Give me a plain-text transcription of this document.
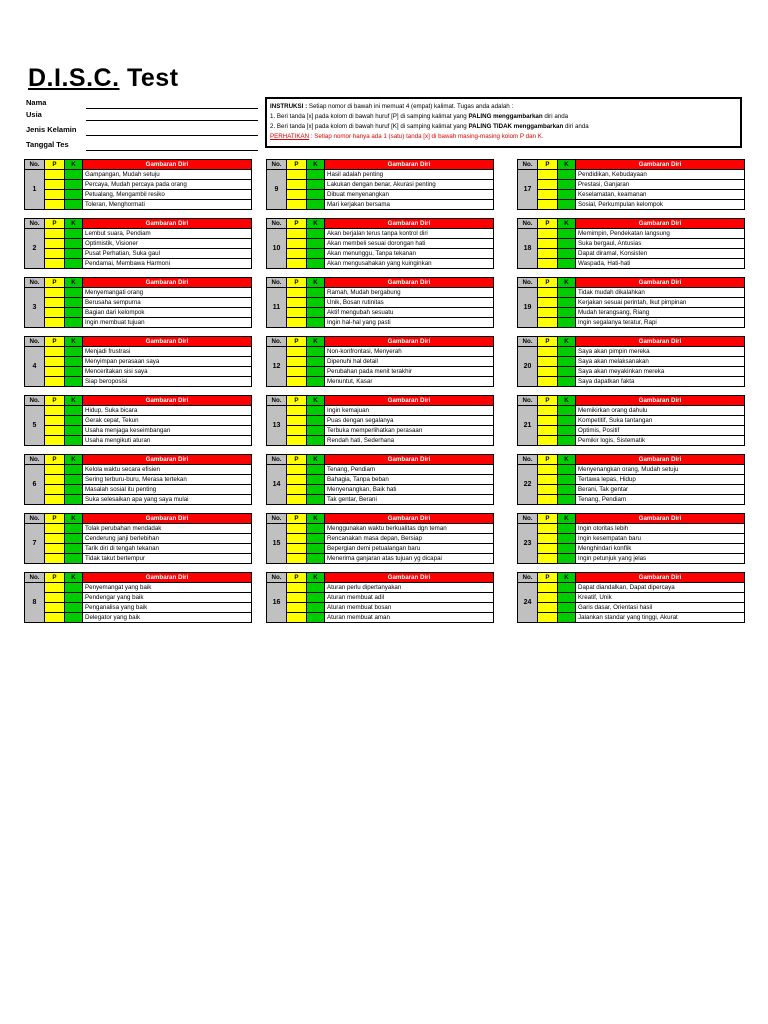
D.I.S.C. Test
Nama
Usia
Jenis Kelamin
Tanggal Tes
INSTRUKSI : Setiap nomor di bawah ini memuat 4 (empat) kalimat. Tugas anda adalah :
1. Beri tanda [x] pada kolom di bawah huruf [P] di samping kalimat yang PALING menggambarkan diri anda
2. Beri tanda [x] pada kolom di bawah huruf [K] di samping kalimat yang PALING TIDAK menggambarkan diri anda
PERHATIKAN : Setiap nomor hanya ada 1 (satu) tanda [x] di bawah masing-masing kolom P dan K.
No.	P	K	Gambaran Diri
1			Gampangan, Mudah setuju
			Percaya, Mudah percaya pada orang
			Petualang, Mengambil resiko
			Toleran, Menghormati
No.	P	K	Gambaran Diri
2			Lembut suara, Pendiam
			Optimistik, Visioner
			Pusat Perhatian, Suka gaul
			Pendamai, Membawa Harmoni
No.	P	K	Gambaran Diri
3			Menyemangati orang
			Berusaha sempurna
			Bagian dari kelompok
			Ingin membuat tujuan
No.	P	K	Gambaran Diri
4			Menjadi frustrasi
			Menyimpan perasaan saya
			Menceritakan sisi saya
			Siap beroposisi
No.	P	K	Gambaran Diri
5			Hidup, Suka bicara
			Gerak cepat, Tekun
			Usaha menjaga keseimbangan
			Usaha mengikuti aturan
No.	P	K	Gambaran Diri
6			Kelola waktu secara efisien
			Sering terburu-buru, Merasa tertekan
			Masalah sosial itu penting
			Suka selesaikan apa yang saya mulai
No.	P	K	Gambaran Diri
7			Tolak perubahan mendadak
			Cenderung janji berlebihan
			Tarik diri di tengah tekanan
			Tidak takut bertempur
No.	P	K	Gambaran Diri
8			Penyemangat yang baik
			Pendengar yang baik
			Penganalisa yang baik
			Delegator yang baik
No.	P	K	Gambaran Diri
9			Hasil adalah penting
			Lakukan dengan benar, Akurasi penting
			Dibuat menyenangkan
			Mari kerjakan bersama
No.	P	K	Gambaran Diri
10			Akan berjalan terus tanpa kontrol diri
			Akan membeli sesuai dorongan hati
			Akan menunggu, Tanpa tekanan
			Akan mengusahakan yang kuinginkan
No.	P	K	Gambaran Diri
11			Ramah, Mudah bergabung
			Unik, Bosan rutinitas
			Aktif mengubah sesuatu
			Ingin hal-hal yang pasti
No.	P	K	Gambaran Diri
12			Non-konfrontasi, Menyerah
			Dipenuhi hal detail
			Perubahan pada menit terakhir
			Menuntut, Kasar
No.	P	K	Gambaran Diri
13			Ingin kemajuan
			Puas dengan segalanya
			Terbuka memperlihatkan perasaan
			Rendah hati, Sederhana
No.	P	K	Gambaran Diri
14			Tenang, Pendiam
			Bahagia, Tanpa beban
			Menyenangkan, Baik hati
			Tak gentar, Berani
No.	P	K	Gambaran Diri
15			Menggunakan waktu berkualitas dgn teman
			Rencanakan masa depan, Bersiap
			Bepergian demi petualangan baru
			Menerima ganjaran atas tujuan yg dicapai
No.	P	K	Gambaran Diri
16			Aturan perlu dipertanyakan
			Aturan membuat adil
			Aturan membuat bosan
			Aturan membuat aman
No.	P	K	Gambaran Diri
17			Pendidikan, Kebudayaan
			Prestasi, Ganjaran
			Keselamatan, keamanan
			Sosial, Perkumpulan kelompok
No.	P	K	Gambaran Diri
18			Memimpin, Pendekatan langsung
			Suka bergaul, Antusias
			Dapat diramal, Konsisten
			Waspada, Hati-hati
No.	P	K	Gambaran Diri
19			Tidak mudah dikalahkan
			Kerjakan sesuai perintah, Ikut pimpinan
			Mudah terangsang, Riang
			Ingin segalanya teratur, Rapi
No.	P	K	Gambaran Diri
20			Saya akan pimpin mereka
			Saya akan melaksanakan
			Saya akan meyakinkan mereka
			Saya dapatkan fakta
No.	P	K	Gambaran Diri
21			Memikirkan orang dahulu
			Kompetitif, Suka tantangan
			Optimis, Positif
			Pemikir logis, Sistematik
No.	P	K	Gambaran Diri
22			Menyenangkan orang, Mudah setuju
			Tertawa lepas, Hidup
			Berani, Tak gentar
			Tenang, Pendiam
No.	P	K	Gambaran Diri
23			Ingin otoritas lebih
			Ingin kesempatan baru
			Menghindari konflik
			Ingin petunjuk yang jelas
No.	P	K	Gambaran Diri
24			Dapat diandalkan, Dapat dipercaya
			Kreatif, Unik
			Garis dasar, Orientasi hasil
			Jalankan standar yang tinggi, Akurat
